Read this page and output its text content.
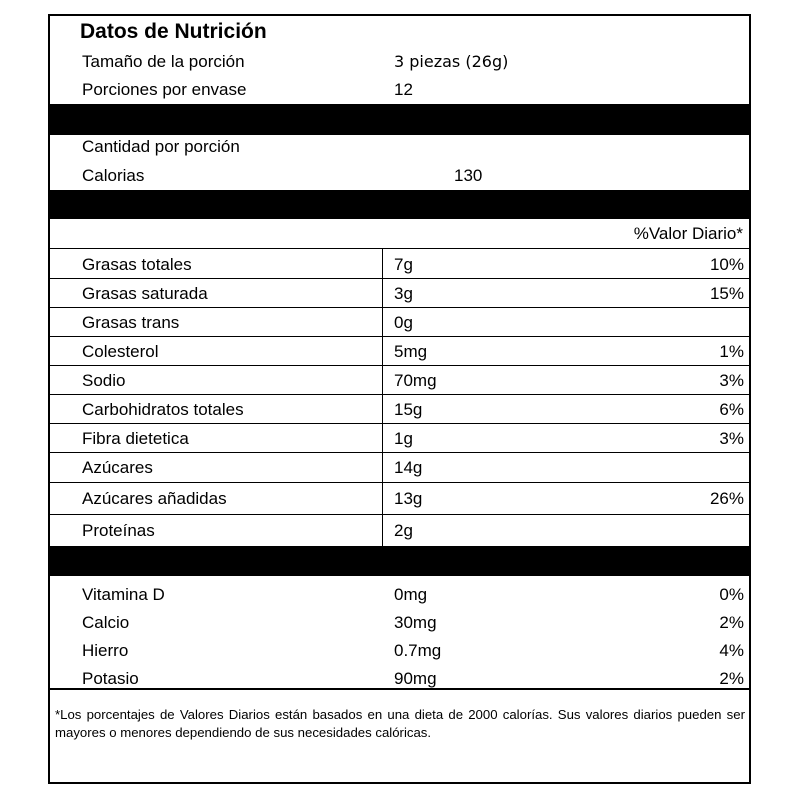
Datos de Nutrición
Tamaño de la porción	3 piezas (26g)
Porciones por envase	12
Cantidad por porción
Calorias	130
%Valor Diario*
Grasas totales	7g	10%
Grasas saturada	3g	15%
Grasas trans	0g
Colesterol	5mg	1%
Sodio	70mg	3%
Carbohidratos totales	15g	6%
Fibra dietetica	1g	3%
Azúcares	14g
Azúcares añadidas	13g	26%
Proteínas	2g
Vitamina D	0mg	0%
Calcio	30mg	2%
Hierro	0.7mg	4%
Potasio	90mg	2%
*Los porcentajes de Valores Diarios están basados en una dieta de 2000 calorías. Sus valores diarios pueden ser mayores o menores dependiendo de sus necesidades calóricas.
